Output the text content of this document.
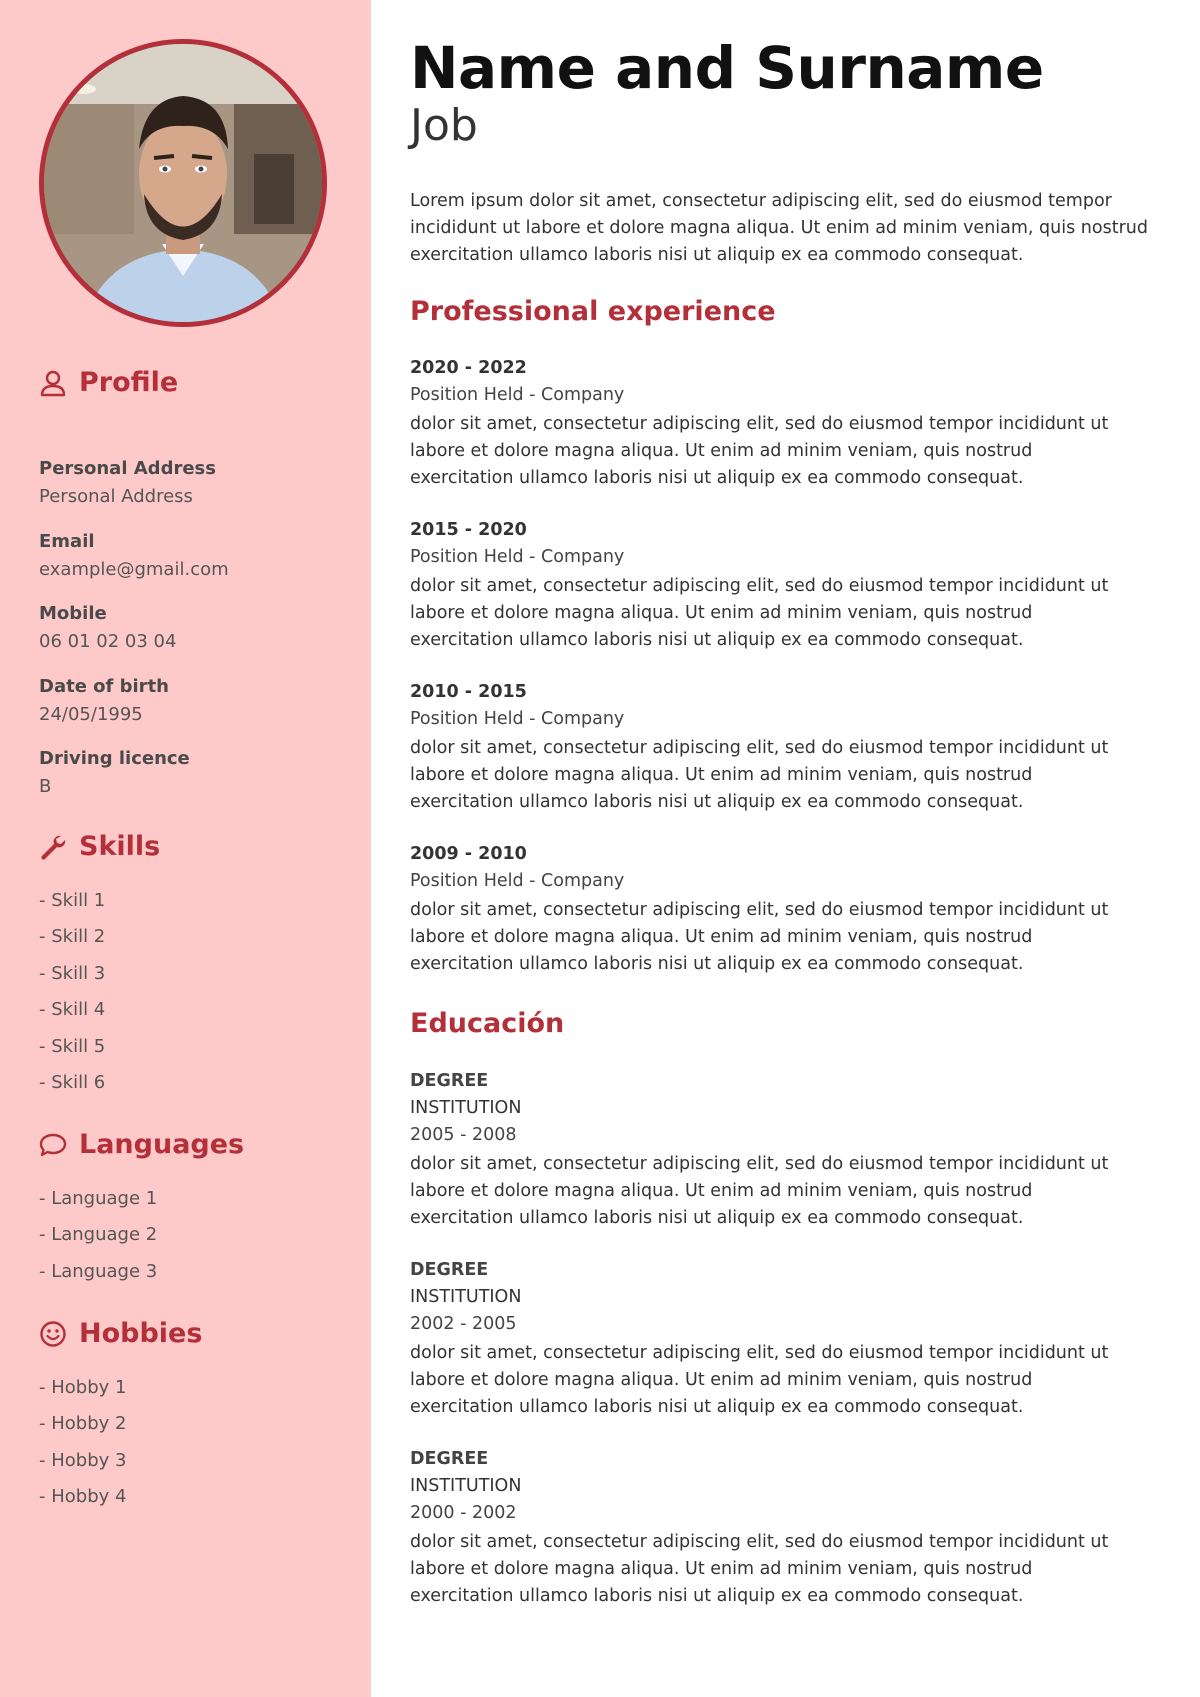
Profile
Personal Address
Personal Address
Email
example@gmail.com
Mobile
06 01 02 03 04
Date of birth
24/05/1995
Driving licence
B
Skills
- Skill 1
- Skill 2
- Skill 3
- Skill 4
- Skill 5
- Skill 6
Languages
- Language 1
- Language 2
- Language 3
Hobbies
- Hobby 1
- Hobby 2
- Hobby 3
- Hobby 4
Name and Surname
Job

Lorem ipsum dolor sit amet, consectetur adipiscing elit, sed do eiusmod tempor incididunt ut labore et dolore magna aliqua. Ut enim ad minim veniam, quis nostrud exercitation ullamco laboris nisi ut aliquip ex ea commodo consequat.

Professional experience
2020 - 2022
Position Held - Company
dolor sit amet, consectetur adipiscing elit, sed do eiusmod tempor incididunt ut labore et dolore magna aliqua. Ut enim ad minim veniam, quis nostrud exercitation ullamco laboris nisi ut aliquip ex ea commodo consequat.
2015 - 2020
Position Held - Company
dolor sit amet, consectetur adipiscing elit, sed do eiusmod tempor incididunt ut labore et dolore magna aliqua. Ut enim ad minim veniam, quis nostrud exercitation ullamco laboris nisi ut aliquip ex ea commodo consequat.
2010 - 2015
Position Held - Company
dolor sit amet, consectetur adipiscing elit, sed do eiusmod tempor incididunt ut labore et dolore magna aliqua. Ut enim ad minim veniam, quis nostrud exercitation ullamco laboris nisi ut aliquip ex ea commodo consequat.
2009 - 2010
Position Held - Company
dolor sit amet, consectetur adipiscing elit, sed do eiusmod tempor incididunt ut labore et dolore magna aliqua. Ut enim ad minim veniam, quis nostrud exercitation ullamco laboris nisi ut aliquip ex ea commodo consequat.
Educación
DEGREE
INSTITUTION
2005 - 2008
dolor sit amet, consectetur adipiscing elit, sed do eiusmod tempor incididunt ut labore et dolore magna aliqua. Ut enim ad minim veniam, quis nostrud exercitation ullamco laboris nisi ut aliquip ex ea commodo consequat.
DEGREE
INSTITUTION
2002 - 2005
dolor sit amet, consectetur adipiscing elit, sed do eiusmod tempor incididunt ut labore et dolore magna aliqua. Ut enim ad minim veniam, quis nostrud exercitation ullamco laboris nisi ut aliquip ex ea commodo consequat.
DEGREE
INSTITUTION
2000 - 2002
dolor sit amet, consectetur adipiscing elit, sed do eiusmod tempor incididunt ut labore et dolore magna aliqua. Ut enim ad minim veniam, quis nostrud exercitation ullamco laboris nisi ut aliquip ex ea commodo consequat.
